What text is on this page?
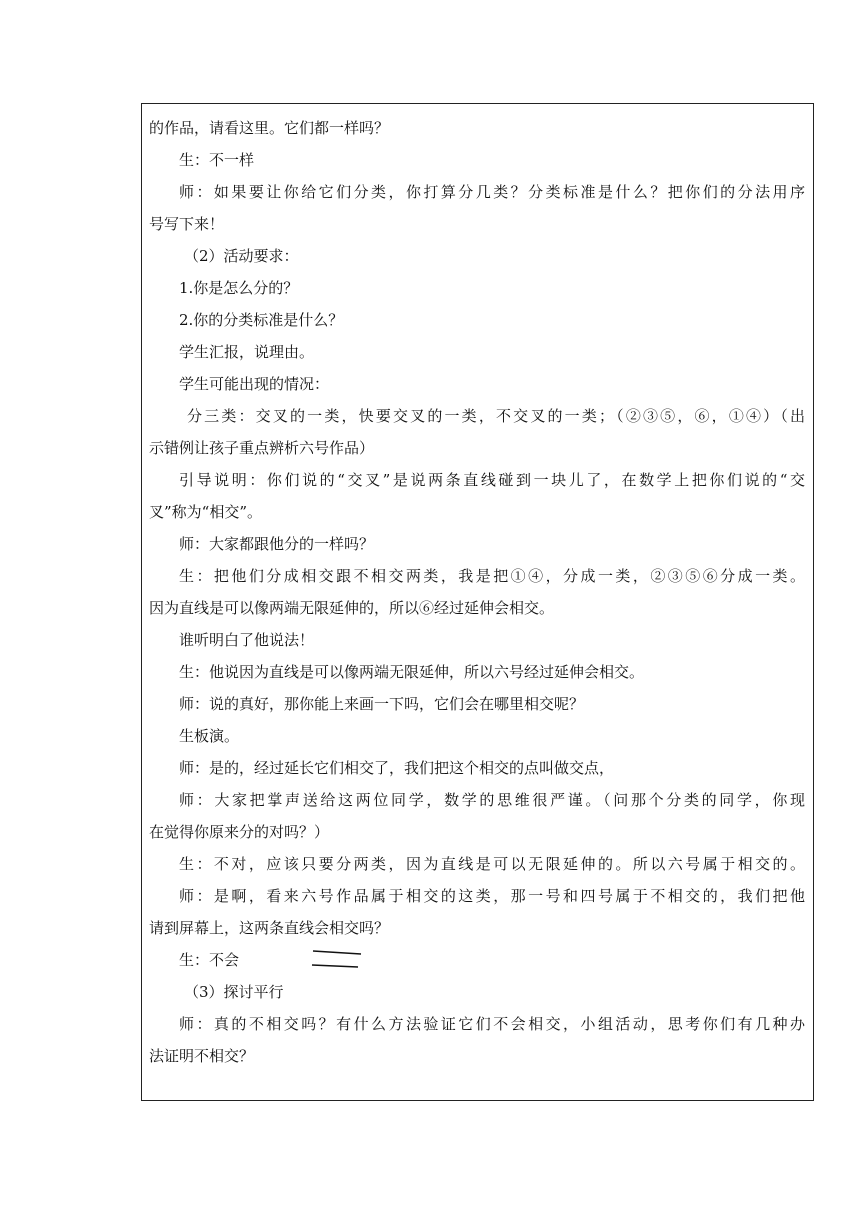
的作品，请看这里。它们都一样吗？
生：不一样
师：如果要让你给它们分类，你打算分几类？分类标准是什么？把你们的分法用序
号写下来！
（2）活动要求：
1.你是怎么分的？
2.你的分类标准是什么？
学生汇报，说理由。
学生可能出现的情况：
分三类：交叉的一类，快要交叉的一类，不交叉的一类；（②③⑤，⑥，①④）（出
示错例让孩子重点辨析六号作品）
引导说明：你们说的“交叉”是说两条直线碰到一块儿了，在数学上把你们说的“交
叉”称为“相交”。
师：大家都跟他分的一样吗？
生：把他们分成相交跟不相交两类，我是把①④，分成一类，②③⑤⑥分成一类。
因为直线是可以像两端无限延伸的，所以⑥经过延伸会相交。
谁听明白了他说法！
生：他说因为直线是可以像两端无限延伸，所以六号经过延伸会相交。
师：说的真好，那你能上来画一下吗，它们会在哪里相交呢？
生板演。
师：是的，经过延长它们相交了，我们把这个相交的点叫做交点，
师：大家把掌声送给这两位同学，数学的思维很严谨。（问那个分类的同学，你现
在觉得你原来分的对吗？）
生：不对，应该只要分两类，因为直线是可以无限延伸的。所以六号属于相交的。
师：是啊，看来六号作品属于相交的这类，那一号和四号属于不相交的，我们把他
请到屏幕上，这两条直线会相交吗？
生：不会
（3）探讨平行
师：真的不相交吗？有什么方法验证它们不会相交，小组活动，思考你们有几种办
法证明不相交？
